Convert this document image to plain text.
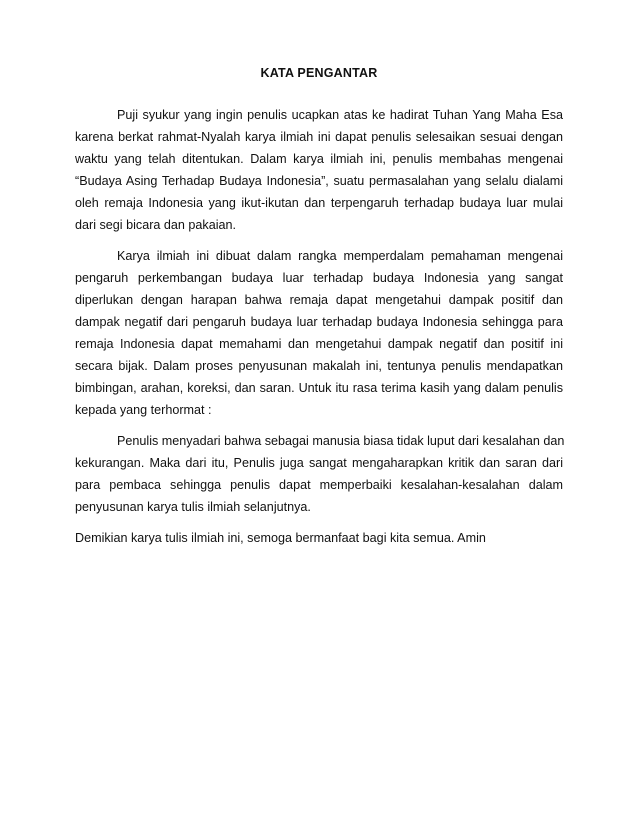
KATA PENGANTAR
Puji syukur yang ingin penulis ucapkan atas ke hadirat Tuhan Yang Maha Esa
karena berkat rahmat-Nyalah karya ilmiah ini dapat penulis selesaikan sesuai dengan
waktu yang telah ditentukan. Dalam karya ilmiah ini, penulis membahas mengenai
“Budaya Asing Terhadap Budaya Indonesia”, suatu permasalahan yang selalu dialami
oleh remaja Indonesia yang ikut-ikutan dan terpengaruh terhadap budaya luar mulai
dari segi bicara dan pakaian.
Karya ilmiah ini dibuat dalam rangka memperdalam pemahaman mengenai
pengaruh perkembangan budaya luar terhadap budaya Indonesia yang sangat
diperlukan dengan harapan bahwa remaja dapat mengetahui dampak positif dan
dampak negatif dari pengaruh budaya luar terhadap budaya Indonesia sehingga para
remaja Indonesia dapat memahami dan mengetahui dampak negatif dan positif ini
secara bijak. Dalam proses penyusunan makalah ini, tentunya penulis mendapatkan
bimbingan, arahan, koreksi, dan saran. Untuk itu rasa terima kasih yang dalam penulis
kepada yang terhormat :
Penulis menyadari bahwa sebagai manusia biasa tidak luput dari kesalahan dan
kekurangan. Maka dari itu, Penulis juga sangat mengaharapkan kritik dan saran dari
para pembaca sehingga penulis dapat memperbaiki kesalahan-kesalahan dalam
penyusunan karya tulis ilmiah selanjutnya.
Demikian karya tulis ilmiah ini, semoga bermanfaat bagi kita semua. Amin
